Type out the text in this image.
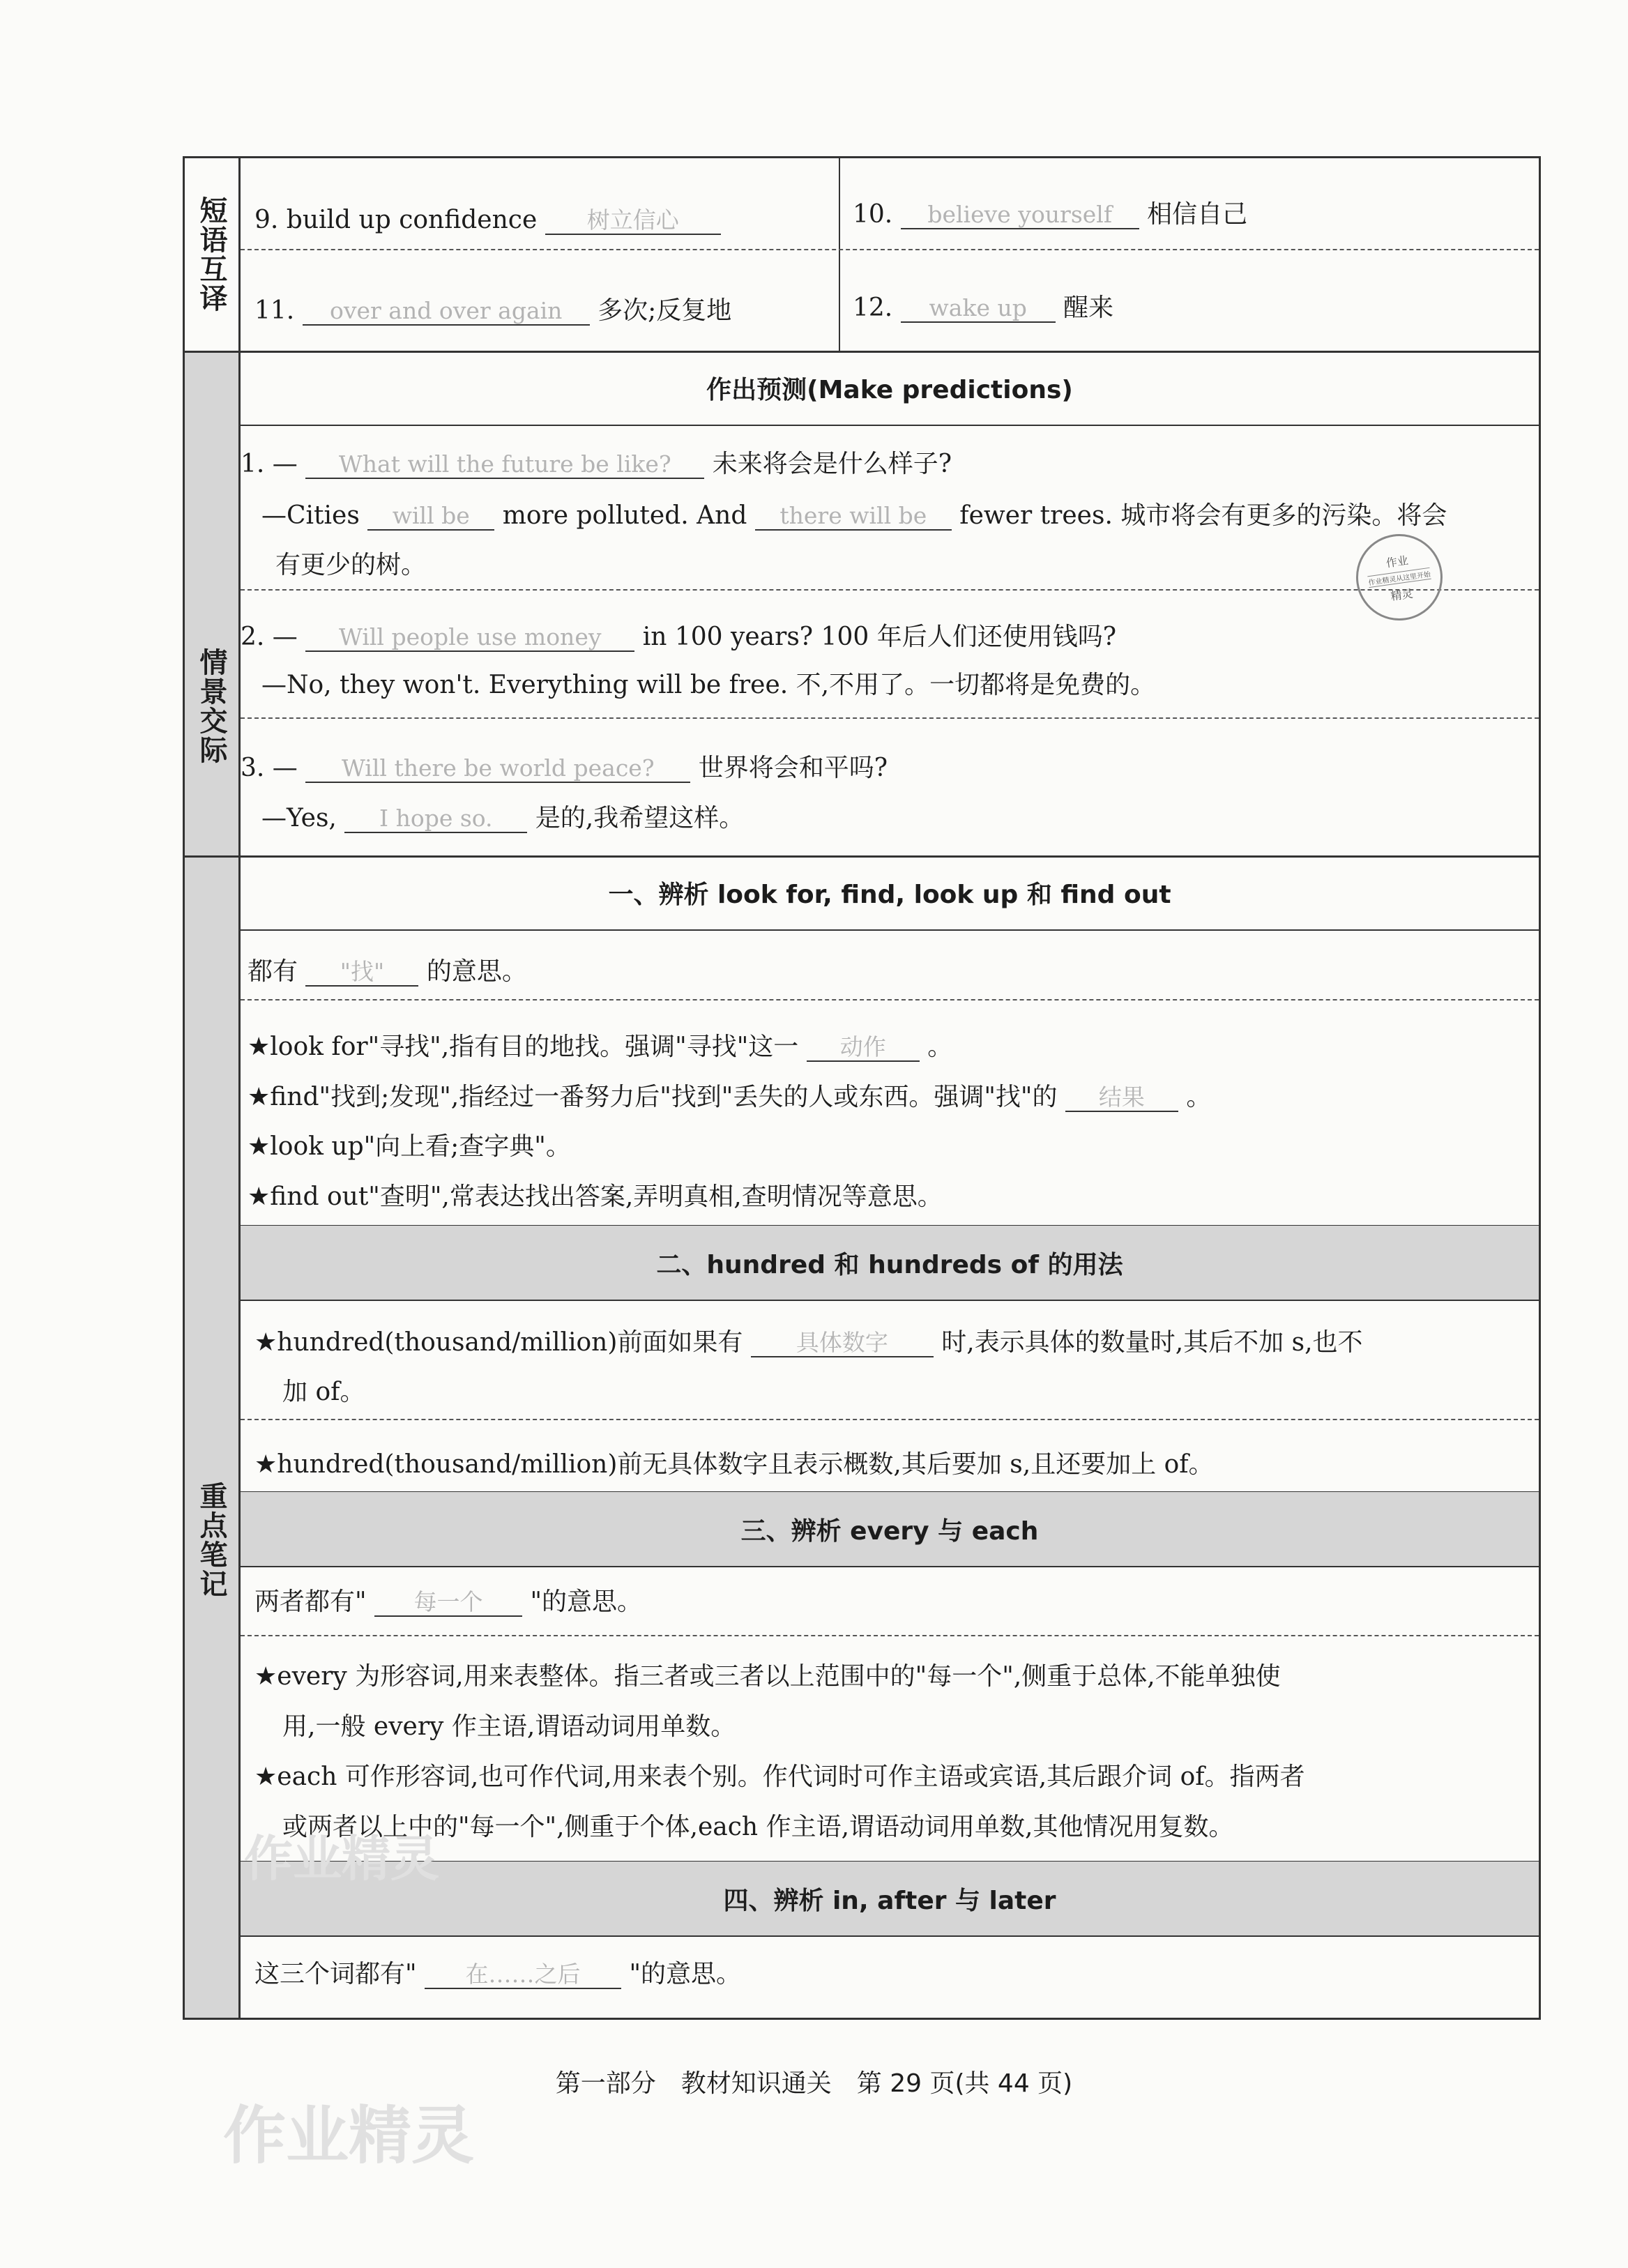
短语互译
情景交际
重点笔记
9. build up confidence 树立信心	10. believe yourself 相信自己
11. over and over again 多次;反复地	12. wake up 醒来
作出预测(Make predictions)
1. — What will the future be like? 未来将会是什么样子?
—Cities will be more polluted. And there will be fewer trees. 城市将会有更多的污染。将会
有更少的树。
2. — Will people use money in 100 years? 100 年后人们还使用钱吗?
—No, they won't. Everything will be free. 不,不用了。一切都将是免费的。
3. — Will there be world peace? 世界将会和平吗?
—Yes, I hope so. 是的,我希望这样。
一、辨析 look for, find, look up 和 find out
都有 "找" 的意思。
★look for"寻找",指有目的地找。强调"寻找"这一 动作 。
★find"找到;发现",指经过一番努力后"找到"丢失的人或东西。强调"找"的 结果 。
★look up"向上看;查字典"。
★find out"查明",常表达找出答案,弄明真相,查明情况等意思。
二、hundred 和 hundreds of 的用法
★hundred(thousand/million)前面如果有 具体数字 时,表示具体的数量时,其后不加 s,也不
加 of。
★hundred(thousand/million)前无具体数字且表示概数,其后要加 s,且还要加上 of。
三、辨析 every 与 each
两者都有" 每一个 "的意思。
★every 为形容词,用来表整体。指三者或三者以上范围中的"每一个",侧重于总体,不能单独使
用,一般 every 作主语,谓语动词用单数。
★each 可作形容词,也可作代词,用来表个别。作代词时可作主语或宾语,其后跟介词 of。指两者
或两者以上中的"每一个",侧重于个体,each 作主语,谓语动词用单数,其他情况用复数。
四、辨析 in, after 与 later
这三个词都有" 在……之后 "的意思。
作业
作业精灵从这里开始
精灵
作业精灵
作业精灵
第一部分　教材知识通关　第 29 页(共 44 页)
